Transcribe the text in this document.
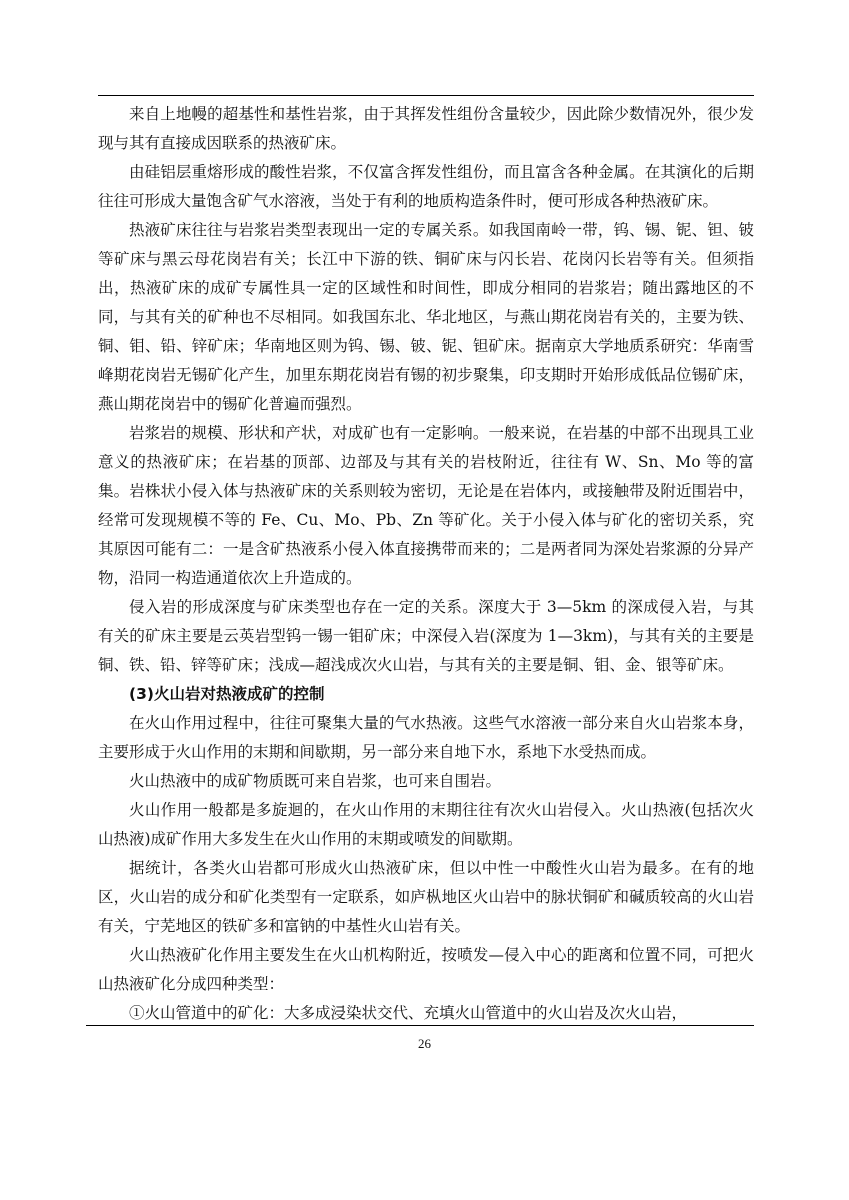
来自上地幔的超基性和基性岩浆，由于其挥发性组份含量较少，因此除少数情况外，很少发现与其有直接成因联系的热液矿床。

由硅铝层重熔形成的酸性岩浆，不仅富含挥发性组份，而且富含各种金属。在其演化的后期往往可形成大量饱含矿气水溶液，当处于有利的地质构造条件时，便可形成各种热液矿床。

热液矿床往往与岩浆岩类型表现出一定的专属关系。如我国南岭一带，钨、锡、铌、钽、铍等矿床与黑云母花岗岩有关；长江中下游的铁、铜矿床与闪长岩、花岗闪长岩等有关。但须指出，热液矿床的成矿专属性具一定的区域性和时间性，即成分相同的岩浆岩；随出露地区的不同，与其有关的矿种也不尽相同。如我国东北、华北地区，与燕山期花岗岩有关的，主要为铁、铜、钼、铅、锌矿床；华南地区则为钨、锡、铍、铌、钽矿床。据南京大学地质系研究：华南雪峰期花岗岩无锡矿化产生，加里东期花岗岩有锡的初步聚集，印支期时开始形成低品位锡矿床，燕山期花岗岩中的锡矿化普遍而强烈。

岩浆岩的规模、形状和产状，对成矿也有一定影响。一般来说，在岩基的中部不出现具工业意义的热液矿床；在岩基的顶部、边部及与其有关的岩枝附近，往往有 W、Sn、Mo 等的富集。岩株状小侵入体与热液矿床的关系则较为密切，无论是在岩体内，或接触带及附近围岩中，经常可发现规模不等的 Fe、Cu、Mo、Pb、Zn 等矿化。关于小侵入体与矿化的密切关系，究其原因可能有二：一是含矿热液系小侵入体直接携带而来的；二是两者同为深处岩浆源的分异产物，沿同一构造通道依次上升造成的。

侵入岩的形成深度与矿床类型也存在一定的关系。深度大于 3—5km 的深成侵入岩，与其有关的矿床主要是云英岩型钨一锡一钼矿床；中深侵入岩(深度为 1—3km)，与其有关的主要是铜、铁、铅、锌等矿床；浅成—超浅成次火山岩，与其有关的主要是铜、钼、金、银等矿床。

(3)火山岩对热液成矿的控制

在火山作用过程中，往往可聚集大量的气水热液。这些气水溶液一部分来自火山岩浆本身，主要形成于火山作用的末期和间歇期，另一部分来自地下水，系地下水受热而成。

火山热液中的成矿物质既可来自岩浆，也可来自围岩。

火山作用一般都是多旋迴的，在火山作用的末期往往有次火山岩侵入。火山热液(包括次火山热液)成矿作用大多发生在火山作用的末期或喷发的间歇期。

据统计，各类火山岩都可形成火山热液矿床，但以中性一中酸性火山岩为最多。在有的地区，火山岩的成分和矿化类型有一定联系，如庐枞地区火山岩中的脉状铜矿和碱质较高的火山岩有关，宁芜地区的铁矿多和富钠的中基性火山岩有关。

火山热液矿化作用主要发生在火山机构附近，按喷发—侵入中心的距离和位置不同，可把火山热液矿化分成四种类型：

①火山管道中的矿化：大多成浸染状交代、充填火山管道中的火山岩及次火山岩，

26
